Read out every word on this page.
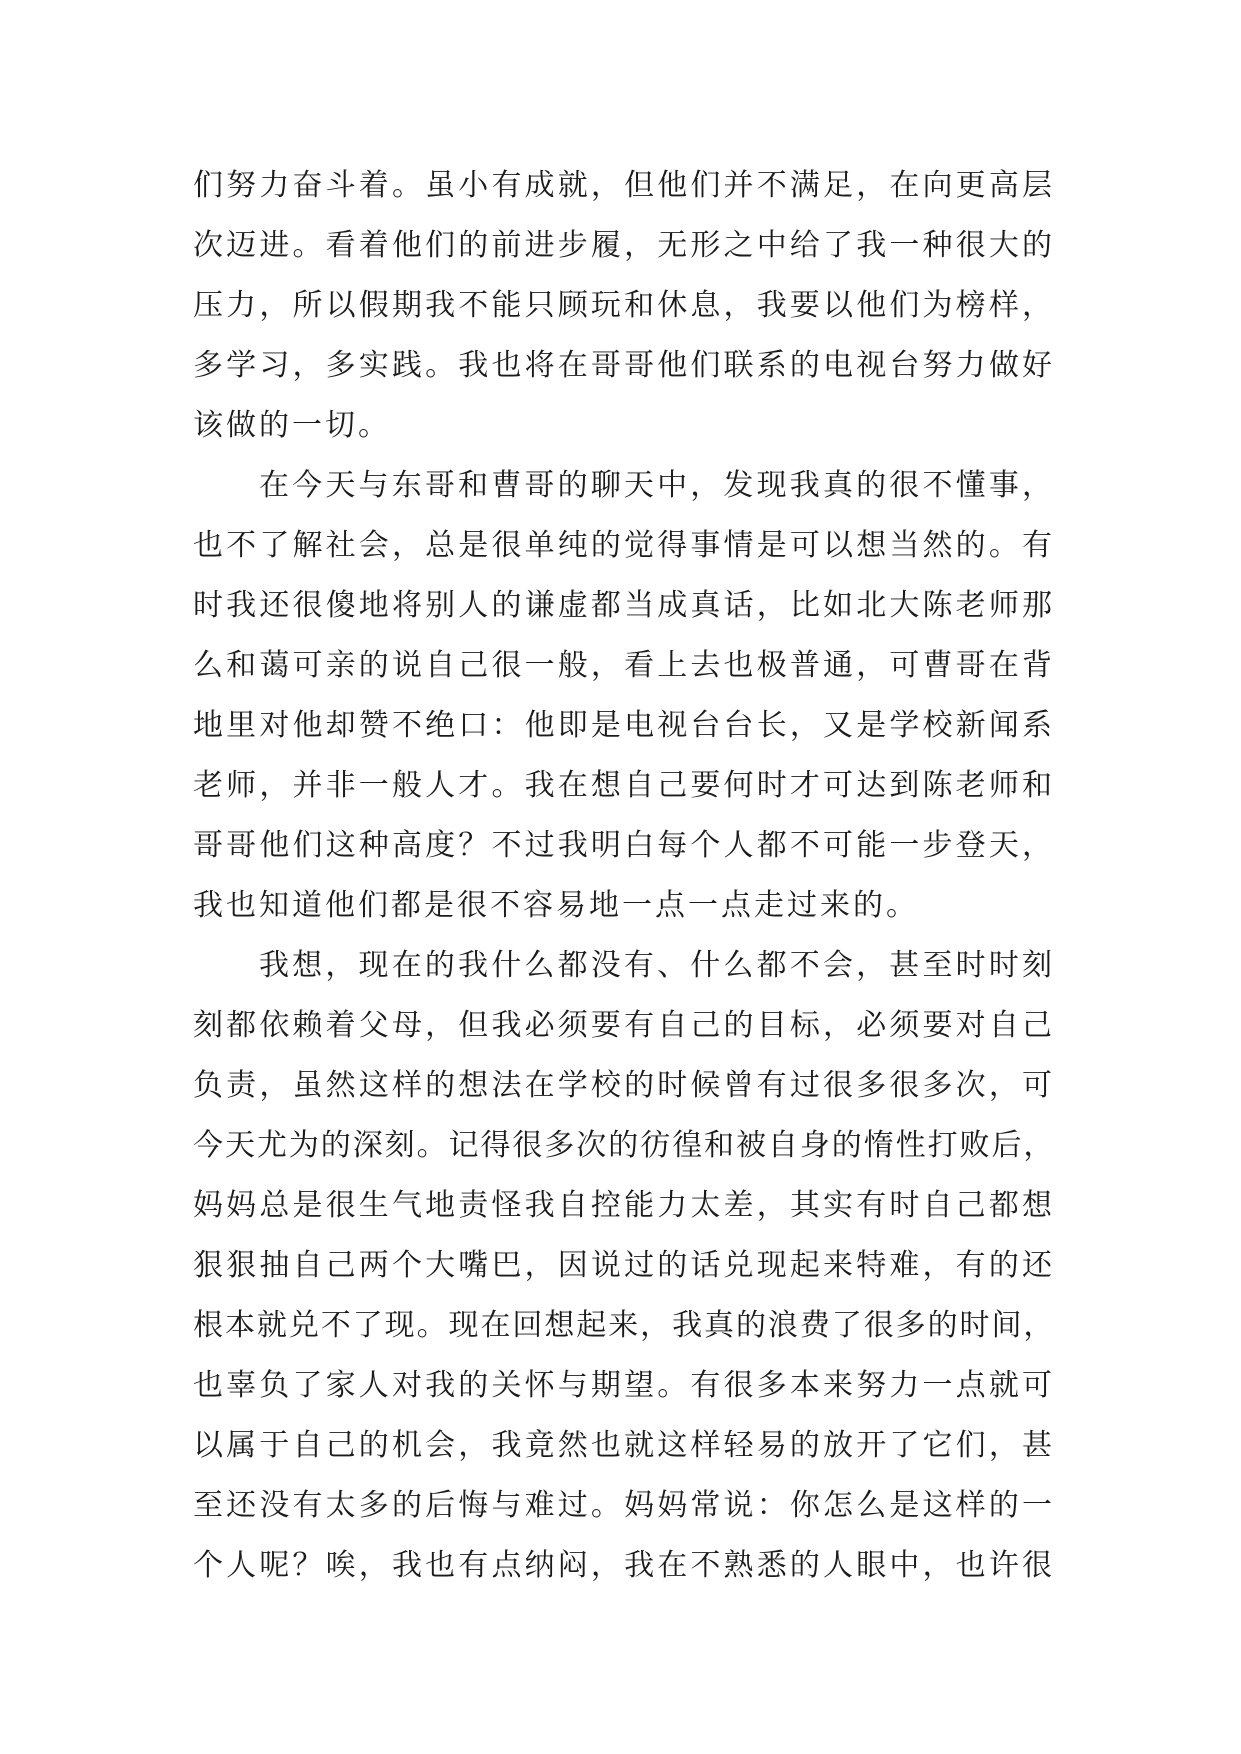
们努力奋斗着。虽小有成就，但他们并不满足，在向更高层
次迈进。看着他们的前进步履，无形之中给了我一种很大的
压力，所以假期我不能只顾玩和休息，我要以他们为榜样，
多学习，多实践。我也将在哥哥他们联系的电视台努力做好
该做的一切。
在今天与东哥和曹哥的聊天中，发现我真的很不懂事，
也不了解社会，总是很单纯的觉得事情是可以想当然的。有
时我还很傻地将别人的谦虚都当成真话，比如北大陈老师那
么和蔼可亲的说自己很一般，看上去也极普通，可曹哥在背
地里对他却赞不绝口：他即是电视台台长，又是学校新闻系
老师，并非一般人才。我在想自己要何时才可达到陈老师和
哥哥他们这种高度？不过我明白每个人都不可能一步登天，
我也知道他们都是很不容易地一点一点走过来的。
我想，现在的我什么都没有、什么都不会，甚至时时刻
刻都依赖着父母，但我必须要有自己的目标，必须要对自己
负责，虽然这样的想法在学校的时候曾有过很多很多次，可
今天尤为的深刻。记得很多次的彷徨和被自身的惰性打败后，
妈妈总是很生气地责怪我自控能力太差，其实有时自己都想
狠狠抽自己两个大嘴巴，因说过的话兑现起来特难，有的还
根本就兑不了现。现在回想起来，我真的浪费了很多的时间，
也辜负了家人对我的关怀与期望。有很多本来努力一点就可
以属于自己的机会，我竟然也就这样轻易的放开了它们，甚
至还没有太多的后悔与难过。妈妈常说：你怎么是这样的一
个人呢？唉，我也有点纳闷，我在不熟悉的人眼中，也许很
